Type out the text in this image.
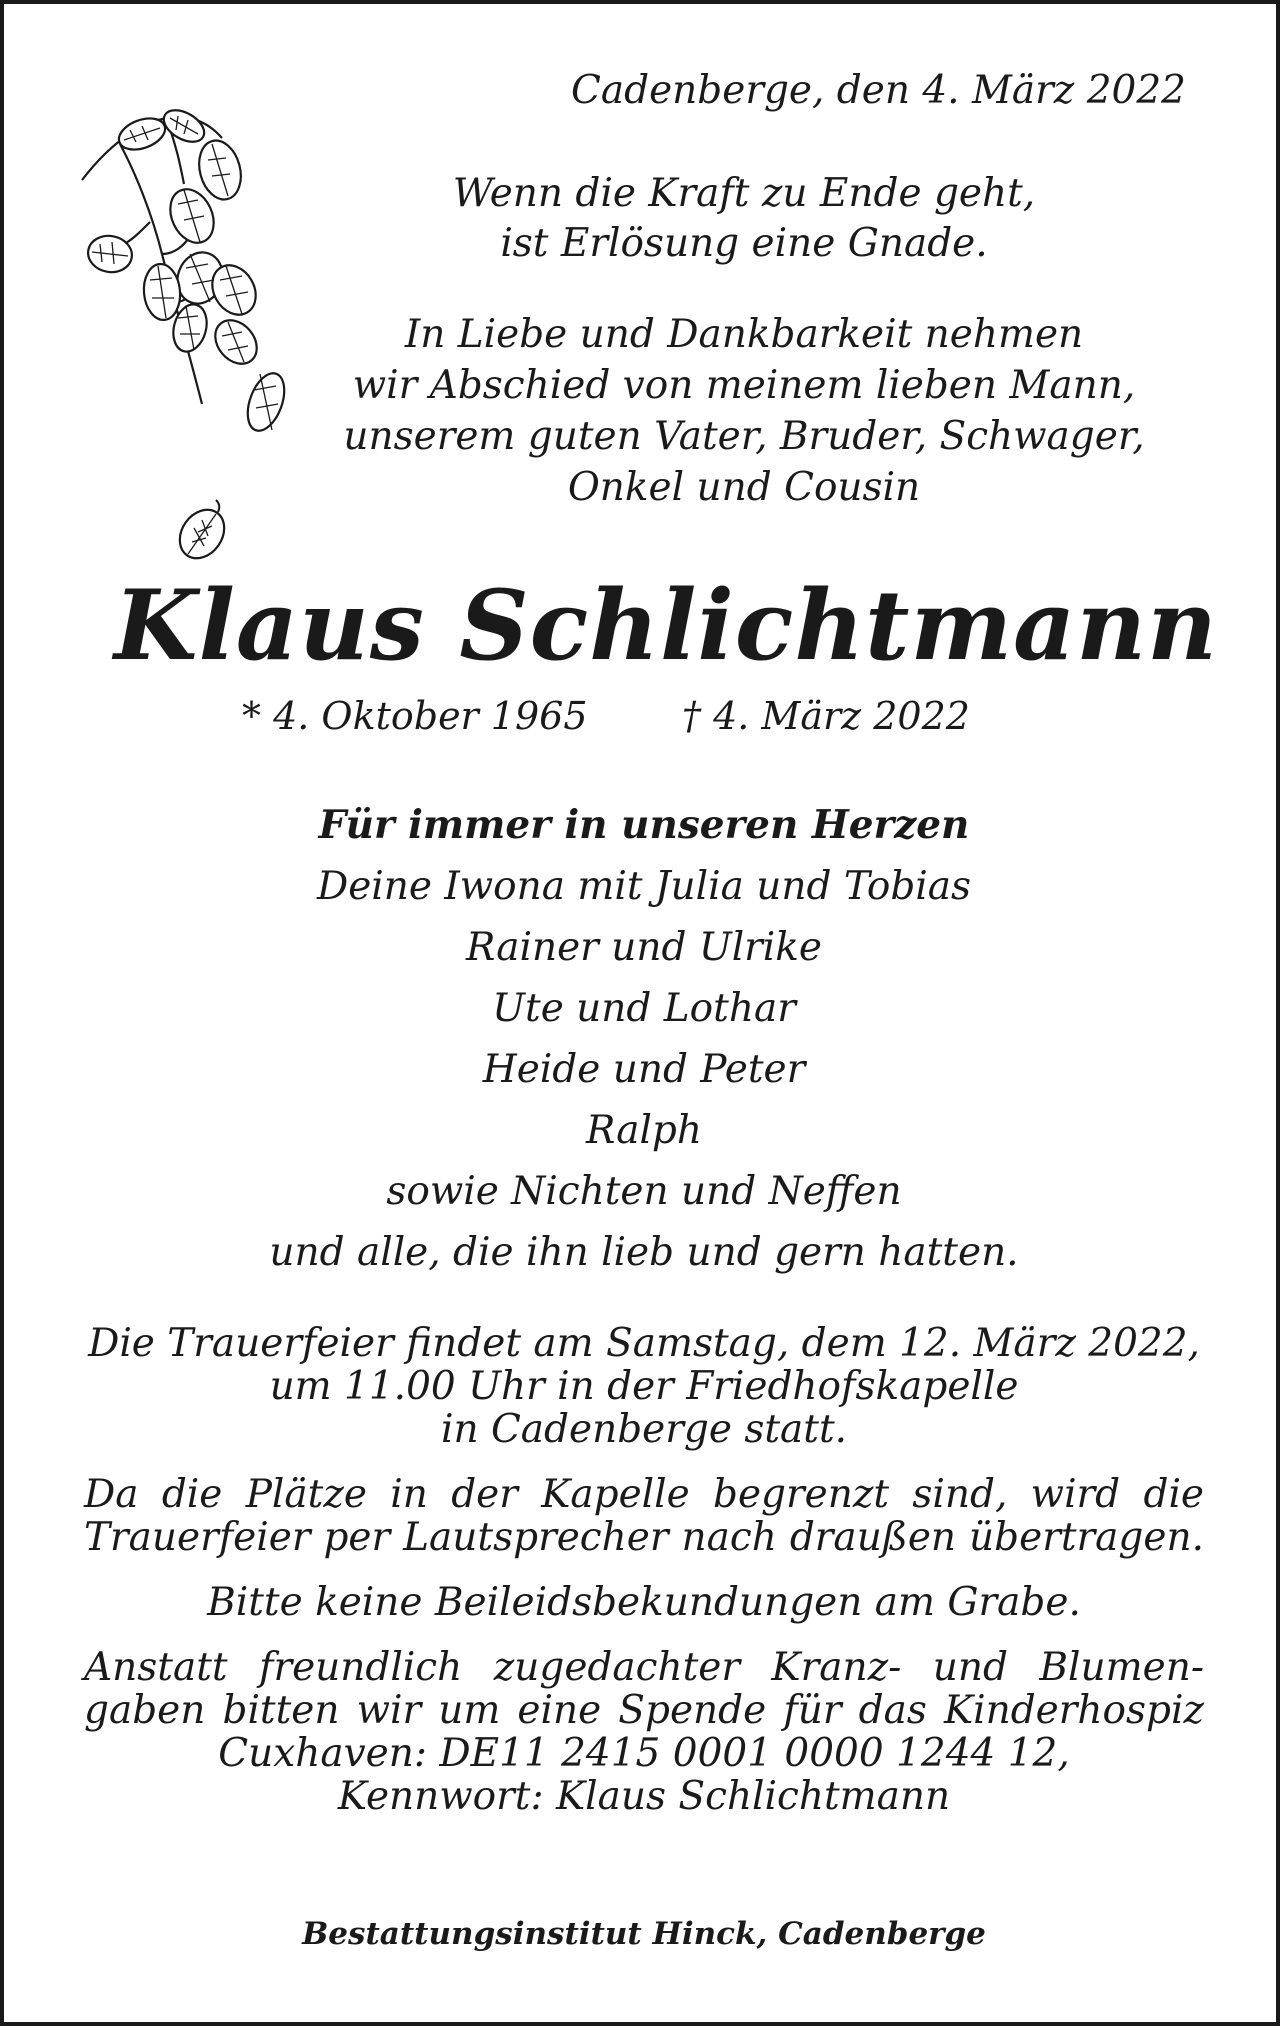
Cadenberge, den 4. März 2022
Wenn die Kraft zu Ende geht,
ist Erlösung eine Gnade.
In Liebe und Dankbarkeit nehmen
wir Abschied von meinem lieben Mann,
unserem guten Vater, Bruder, Schwager,
Onkel und Cousin
Klaus Schlichtmann
* 4. Oktober 1965 † 4. März 2022
Für immer in unseren Herzen
Deine Iwona mit Julia und Tobias
Rainer und Ulrike
Ute und Lothar
Heide und Peter
Ralph
sowie Nichten und Neffen
und alle, die ihn lieb und gern hatten.
Die Trauerfeier findet am Samstag, dem 12. März 2022,
um 11.00 Uhr in der Friedhofskapelle
in Cadenberge statt.
Da die Plätze in der Kapelle begrenzt sind, wird die
Trauerfeier per Lautsprecher nach draußen übertragen.
Bitte keine Beileidsbekundungen am Grabe.
Anstatt freundlich zugedachter Kranz- und Blumen-
gaben bitten wir um eine Spende für das Kinderhospiz
Cuxhaven: DE11 2415 0001 0000 1244 12,
Kennwort: Klaus Schlichtmann
Bestattungsinstitut Hinck, Cadenberge
